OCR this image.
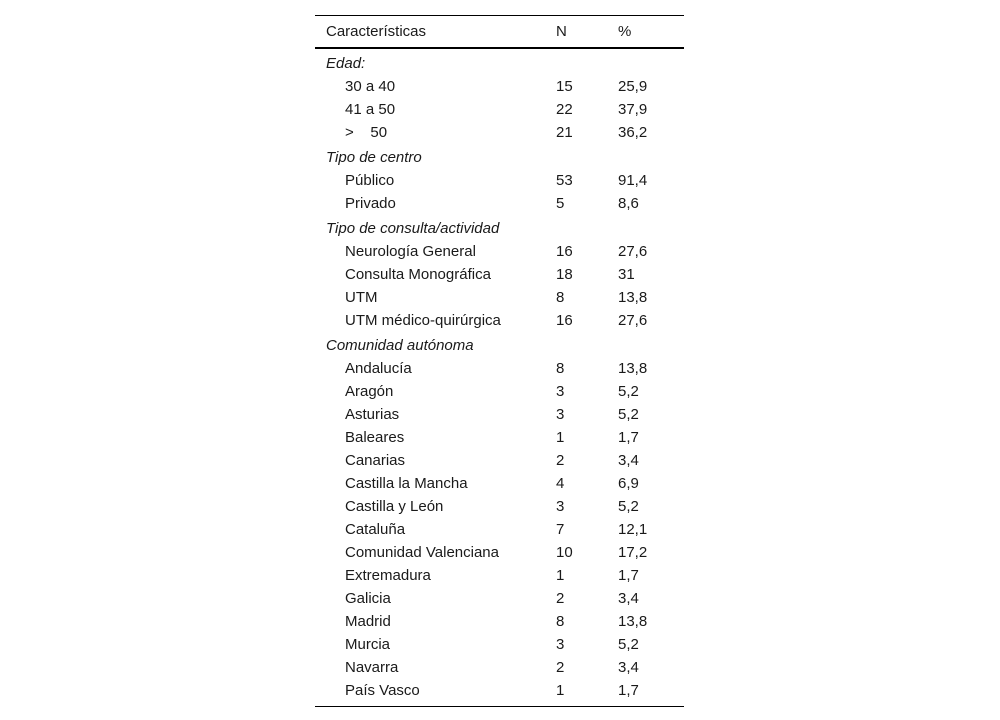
Características	N	%
Edad:		
30 a 40	15	25,9
41 a 50	22	37,9
>    50	21	36,2
Tipo de centro		
Público	53	91,4
Privado	5	8,6
Tipo de consulta/actividad		
Neurología General	16	27,6
Consulta Monográfica	18	31
UTM	8	13,8
UTM médico-quirúrgica	16	27,6
Comunidad autónoma		
Andalucía	8	13,8
Aragón	3	5,2
Asturias	3	5,2
Baleares	1	1,7
Canarias	2	3,4
Castilla la Mancha	4	6,9
Castilla y León	3	5,2
Cataluña	7	12,1
Comunidad Valenciana	10	17,2
Extremadura	1	1,7
Galicia	2	3,4
Madrid	8	13,8
Murcia	3	5,2
Navarra	2	3,4
País Vasco	1	1,7
